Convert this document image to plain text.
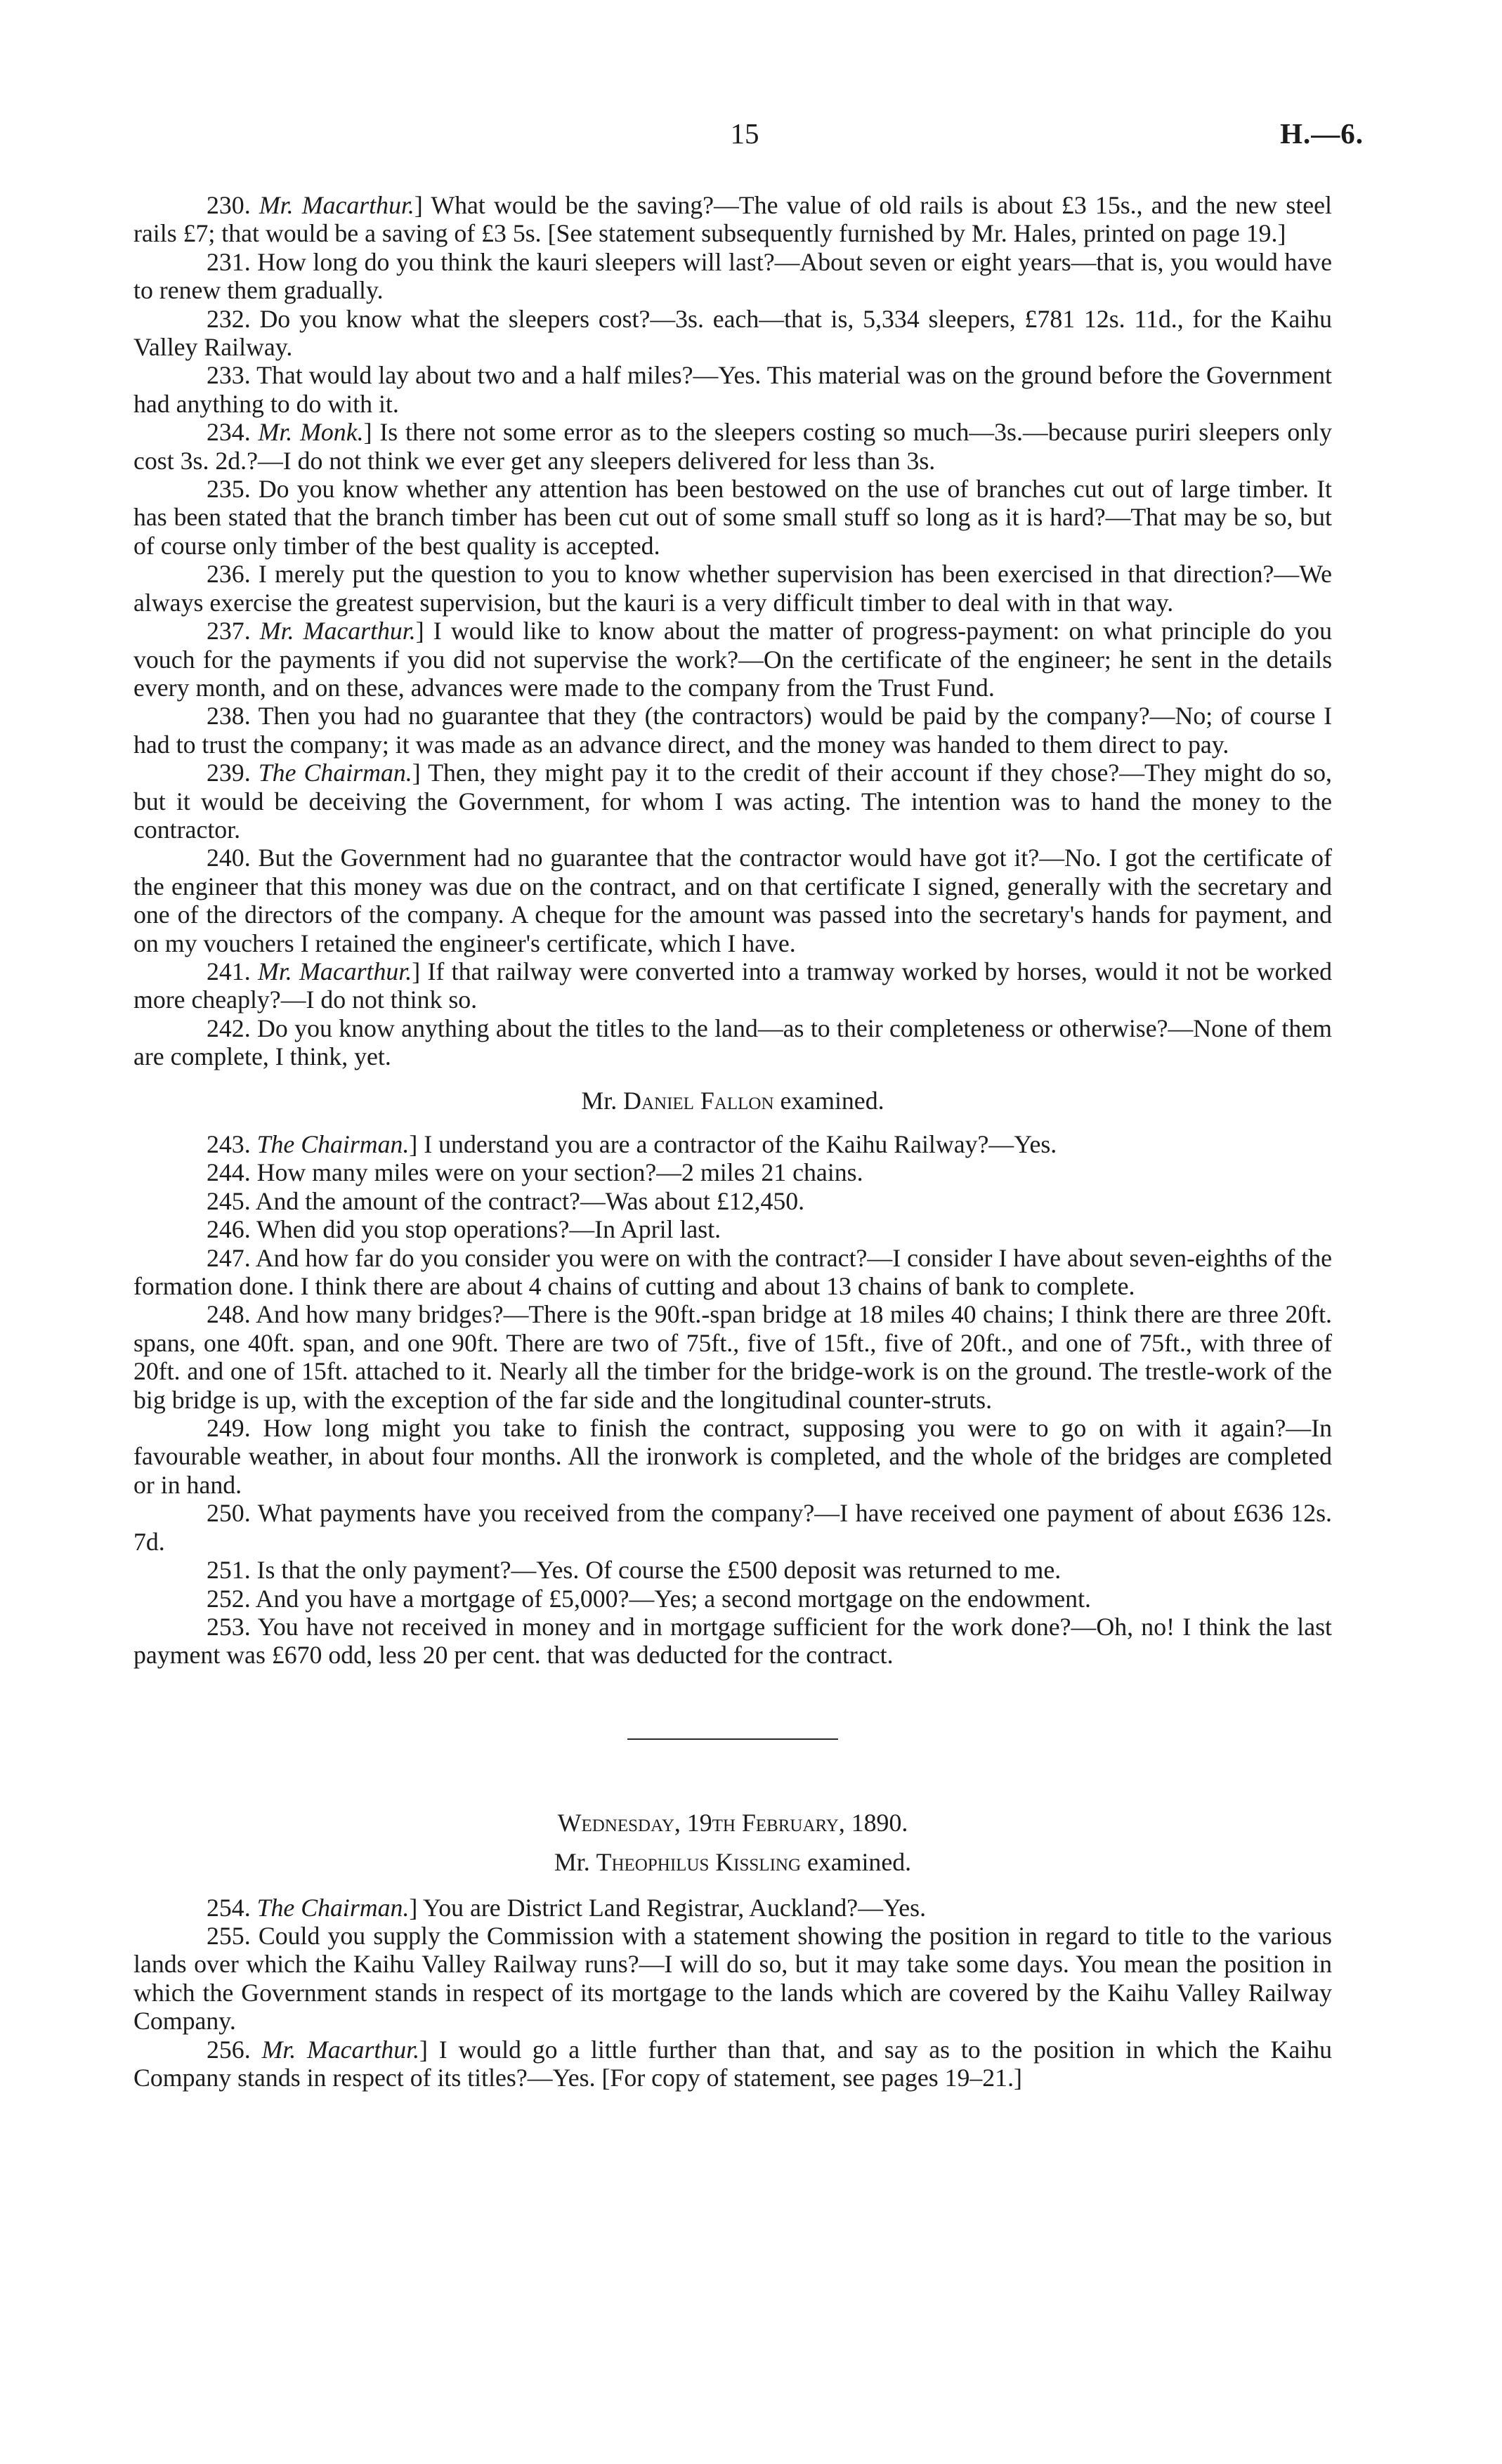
15	H.—6.

230. Mr. Macarthur.] What would be the saving?—The value of old rails is about £3 15s., and the new steel rails £7; that would be a saving of £3 5s. [See statement subsequently furnished by Mr. Hales, printed on page 19.]

231. How long do you think the kauri sleepers will last?—About seven or eight years—that is, you would have to renew them gradually.

232. Do you know what the sleepers cost?—3s. each—that is, 5,334 sleepers, £781 12s. 11d., for the Kaihu Valley Railway.

233. That would lay about two and a half miles?—Yes. This material was on the ground before the Government had anything to do with it.

234. Mr. Monk.] Is there not some error as to the sleepers costing so much—3s.—because puriri sleepers only cost 3s. 2d.?—I do not think we ever get any sleepers delivered for less than 3s.

235. Do you know whether any attention has been bestowed on the use of branches cut out of large timber. It has been stated that the branch timber has been cut out of some small stuff so long as it is hard?—That may be so, but of course only timber of the best quality is accepted.

236. I merely put the question to you to know whether supervision has been exercised in that direction?—We always exercise the greatest supervision, but the kauri is a very difficult timber to deal with in that way.

237. Mr. Macarthur.] I would like to know about the matter of progress-payment: on what principle do you vouch for the payments if you did not supervise the work?—On the certificate of the engineer; he sent in the details every month, and on these, advances were made to the company from the Trust Fund.

238. Then you had no guarantee that they (the contractors) would be paid by the company?—No; of course I had to trust the company; it was made as an advance direct, and the money was handed to them direct to pay.

239. The Chairman.] Then, they might pay it to the credit of their account if they chose?—They might do so, but it would be deceiving the Government, for whom I was acting. The intention was to hand the money to the contractor.

240. But the Government had no guarantee that the contractor would have got it?—No. I got the certificate of the engineer that this money was due on the contract, and on that certificate I signed, generally with the secretary and one of the directors of the company. A cheque for the amount was passed into the secretary's hands for payment, and on my vouchers I retained the engineer's certificate, which I have.

241. Mr. Macarthur.] If that railway were converted into a tramway worked by horses, would it not be worked more cheaply?—I do not think so.

242. Do you know anything about the titles to the land—as to their completeness or otherwise?—None of them are complete, I think, yet.

Mr. Daniel Fallon examined.

243. The Chairman.] I understand you are a contractor of the Kaihu Railway?—Yes.

244. How many miles were on your section?—2 miles 21 chains.

245. And the amount of the contract?—Was about £12,450.

246. When did you stop operations?—In April last.

247. And how far do you consider you were on with the contract?—I consider I have about seven-eighths of the formation done. I think there are about 4 chains of cutting and about 13 chains of bank to complete.

248. And how many bridges?—There is the 90ft.-span bridge at 18 miles 40 chains; I think there are three 20ft. spans, one 40ft. span, and one 90ft. There are two of 75ft., five of 15ft., five of 20ft., and one of 75ft., with three of 20ft. and one of 15ft. attached to it. Nearly all the timber for the bridge-work is on the ground. The trestle-work of the big bridge is up, with the exception of the far side and the longitudinal counter-struts.

249. How long might you take to finish the contract, supposing you were to go on with it again?—In favourable weather, in about four months. All the ironwork is completed, and the whole of the bridges are completed or in hand.

250. What payments have you received from the company?—I have received one payment of about £636 12s. 7d.

251. Is that the only payment?—Yes. Of course the £500 deposit was returned to me.

252. And you have a mortgage of £5,000?—Yes; a second mortgage on the endowment.

253. You have not received in money and in mortgage sufficient for the work done?—Oh, no! I think the last payment was £670 odd, less 20 per cent. that was deducted for the contract.

Wednesday, 19th February, 1890.

Mr. Theophilus Kissling examined.

254. The Chairman.] You are District Land Registrar, Auckland?—Yes.

255. Could you supply the Commission with a statement showing the position in regard to title to the various lands over which the Kaihu Valley Railway runs?—I will do so, but it may take some days. You mean the position in which the Government stands in respect of its mortgage to the lands which are covered by the Kaihu Valley Railway Company.

256. Mr. Macarthur.] I would go a little further than that, and say as to the position in which the Kaihu Company stands in respect of its titles?—Yes. [For copy of statement, see pages 19–21.]
